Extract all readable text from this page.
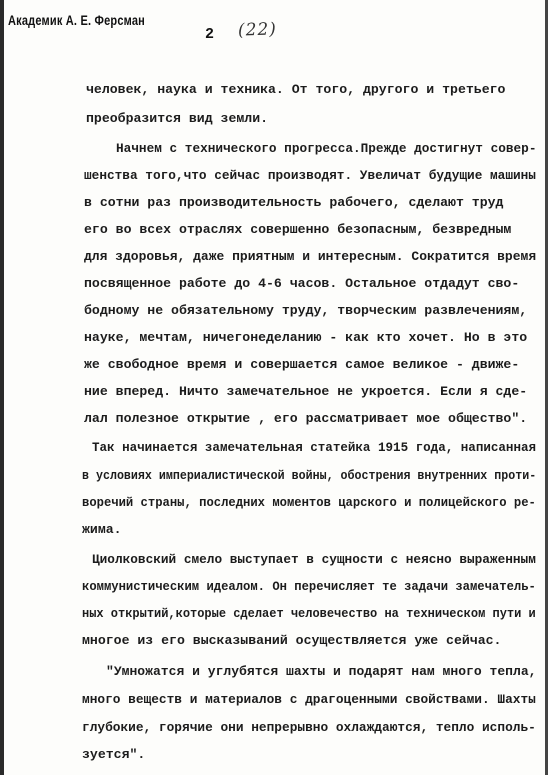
Академик А. Е. Ферсман
2 (22)
человек, наука и техника. От того, другого и третьего
преобразится вид земли.
Начнем с технического прогресса.Прежде достигнут совер-
шенства того,что сейчас производят. Увеличат будущие машины
в сотни раз производительность рабочего, сделают труд
его во всех отраслях совершенно безопасным, безвредным
для здоровья, даже приятным и интересным. Сократится время
посвященное работе до 4-6 часов. Остальное отдадут сво-
бодному не обязательному труду, творческим развлечениям,
науке, мечтам, ничегонеделанию - как кто хочет. Но в это
же свободное время и совершается самое великое - движе-
ние вперед. Ничто замечательное не укроется. Если я сде-
лал полезное открытие , его рассматривает мое общество".
Так начинается замечательная статейка 1915 года, написанная
в условиях империалистической войны, обострения внутренних проти-
воречий страны, последних моментов царского и полицейского ре-
жима.
Циолковский смело выступает в сущности с неясно выраженным
коммунистическим идеалом. Он перечисляет те задачи замечатель-
ных открытий,которые сделает человечество на техническом пути и
многое из его высказываний осуществляется уже сейчас.
"Умножатся и углубятся шахты и подарят нам много тепла,
много веществ и материалов с драгоценными свойствами. Шахты
глубокие, горячие они непрерывно охлаждаются, тепло исполь-
зуется".
